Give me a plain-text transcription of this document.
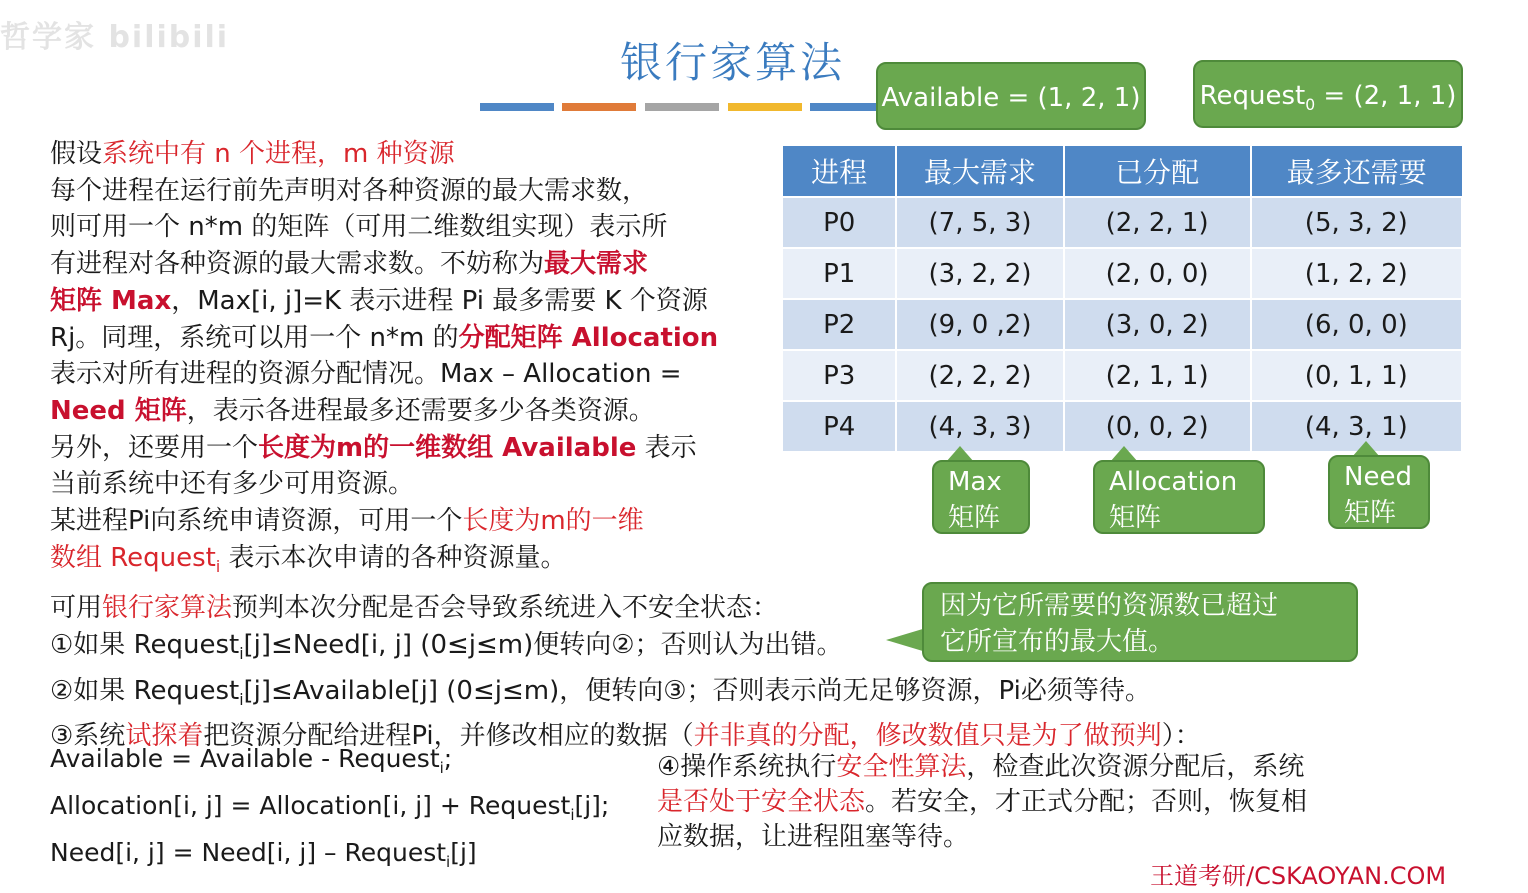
哲学家 bilibili
银行家算法
Available = (1, 2, 1) Request$_0$ = (2, 1, 1)

假设系统中有 n 个进程，m 种资源

每个进程在运行前先声明对各种资源的最大需求数，

则可用一个 n*m 的矩阵（可用二维数组实现）表示所

有进程对各种资源的最大需求数。不妨称为最大需求

矩阵 Max，Max[i, j]=K 表示进程 Pi 最多需要 K 个资源

Rj。同理，系统可以用一个 n*m 的分配矩阵 Allocation

表示对所有进程的资源分配情况。Max – Allocation =

Need 矩阵，表示各进程最多还需要多少各类资源。

另外，还要用一个长度为m的一维数组 Available 表示

当前系统中还有多少可用资源。

某进程Pi向系统申请资源，可用一个长度为m的一维

数组 Request$_i$ 表示本次申请的各种资源量。

进程	最大需求	已分配	最多还需要
P0	(7, 5, 3)	(2, 2, 1)	(5, 3, 2)
P1	(3, 2, 2)	(2, 0, 0)	(1, 2, 2)
P2	(9, 0 ,2)	(3, 0, 2)	(6, 0, 0)
P3	(2, 2, 2)	(2, 1, 1)	(0, 1, 1)
P4	(4, 3, 3)	(0, 0, 2)	(4, 3, 1)
Max
矩阵
Allocation
矩阵
Need
矩阵

可用银行家算法预判本次分配是否会导致系统进入不安全状态：

①如果 Request$_i$[j]≤Need[i, j] (0≤j≤m)便转向②；否则认为出错。

②如果 Request$_i$[j]≤Available[j] (0≤j≤m)，便转向③；否则表示尚无足够资源，Pi必须等待。

③系统试探着把资源分配给进程Pi，并修改相应的数据（并非真的分配，修改数值只是为了做预判）：

因为它所需要的资源数已超过
它所宣布的最大值。

Available = Available - Request$_i$;

Allocation[i, j] = Allocation[i, j] + Request$_i$[j];

Need[i, j] = Need[i, j] – Request$_i$[j]

④操作系统执行安全性算法，检查此次资源分配后，系统

是否处于安全状态。若安全，才正式分配；否则，恢复相

应数据，让进程阻塞等待。

王道考研/CSKAOYAN.COM
